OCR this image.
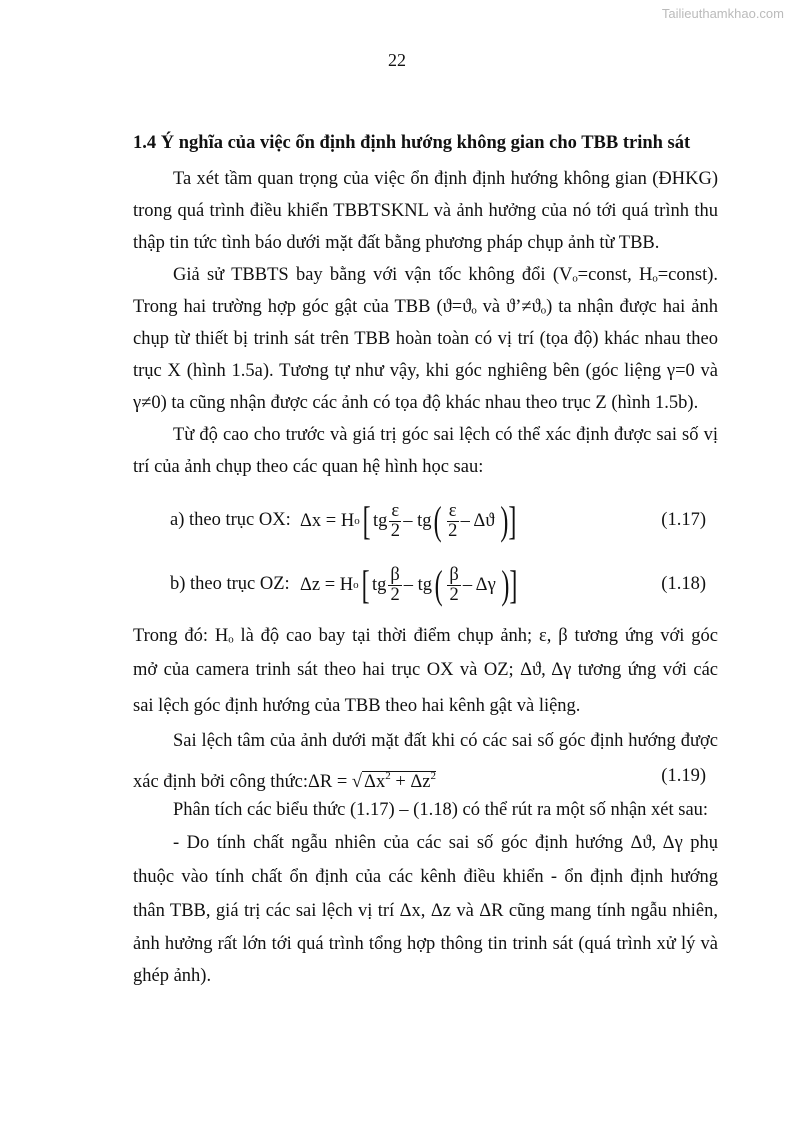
Tailieuthamkhao.com
22
1.4 Ý nghĩa của việc ổn định định hướng không gian cho TBB trinh sát
Ta xét tầm quan trọng của việc ổn định định hướng không gian (ĐHKG)
trong quá trình điều khiển TBBTSKNL và ảnh hưởng của nó tới quá trình thu
thập tin tức tình báo dưới mặt đất bằng phương pháp chụp ảnh từ TBB.
Giả sử TBBTS bay bằng với vận tốc không đổi (Vₒ=const, Hₒ=const).
Trong hai trường hợp góc gật của TBB (ϑ=ϑₒ và ϑ’≠ϑₒ) ta nhận được hai ảnh
chụp từ thiết bị trinh sát trên TBB hoàn toàn có vị trí (tọa độ) khác nhau theo
trục X (hình 1.5a). Tương tự như vậy, khi góc nghiêng bên (góc liệng γ=0 và
γ≠0) ta cũng nhận được các ảnh có tọa độ khác nhau theo trục Z (hình 1.5b).
Từ độ cao cho trước và giá trị góc sai lệch có thể xác định được sai số vị
trí của ảnh chụp theo các quan hệ hình học sau:
a) theo trục OX: Δx = H o [ tg $\frac{\varepsilon}{2}$ – tg ( $\frac{\varepsilon}{2}$ – Δϑ )]	(1.17)
b) theo trục OZ: Δz = H o [ tg $\frac{\beta}{2}$ – tg ( $\frac{\beta}{2}$ – Δγ )]	(1.18)
Trong đó: Hₒ là độ cao bay tại thời điểm chụp ảnh; ε, β tương ứng với góc
mở của camera trinh sát theo hai trục OX và OZ; Δϑ, Δγ tương ứng với các
sai lệch góc định hướng của TBB theo hai kênh gật và liệng.
Sai lệch tâm của ảnh dưới mặt đất khi có các sai số góc định hướng được
xác định bởi công thức:ΔR = √ $\Delta x^2 + \Delta z^2$	(1.19)
Phân tích các biểu thức (1.17) – (1.18) có thể rút ra một số nhận xét sau:
- Do tính chất ngẫu nhiên của các sai số góc định hướng Δϑ, Δγ phụ
thuộc vào tính chất ổn định của các kênh điều khiển - ổn định định hướng
thân TBB, giá trị các sai lệch vị trí Δx, Δz và ΔR cũng mang tính ngẫu nhiên,
ảnh hưởng rất lớn tới quá trình tổng hợp thông tin trinh sát (quá trình xử lý và
ghép ảnh).
